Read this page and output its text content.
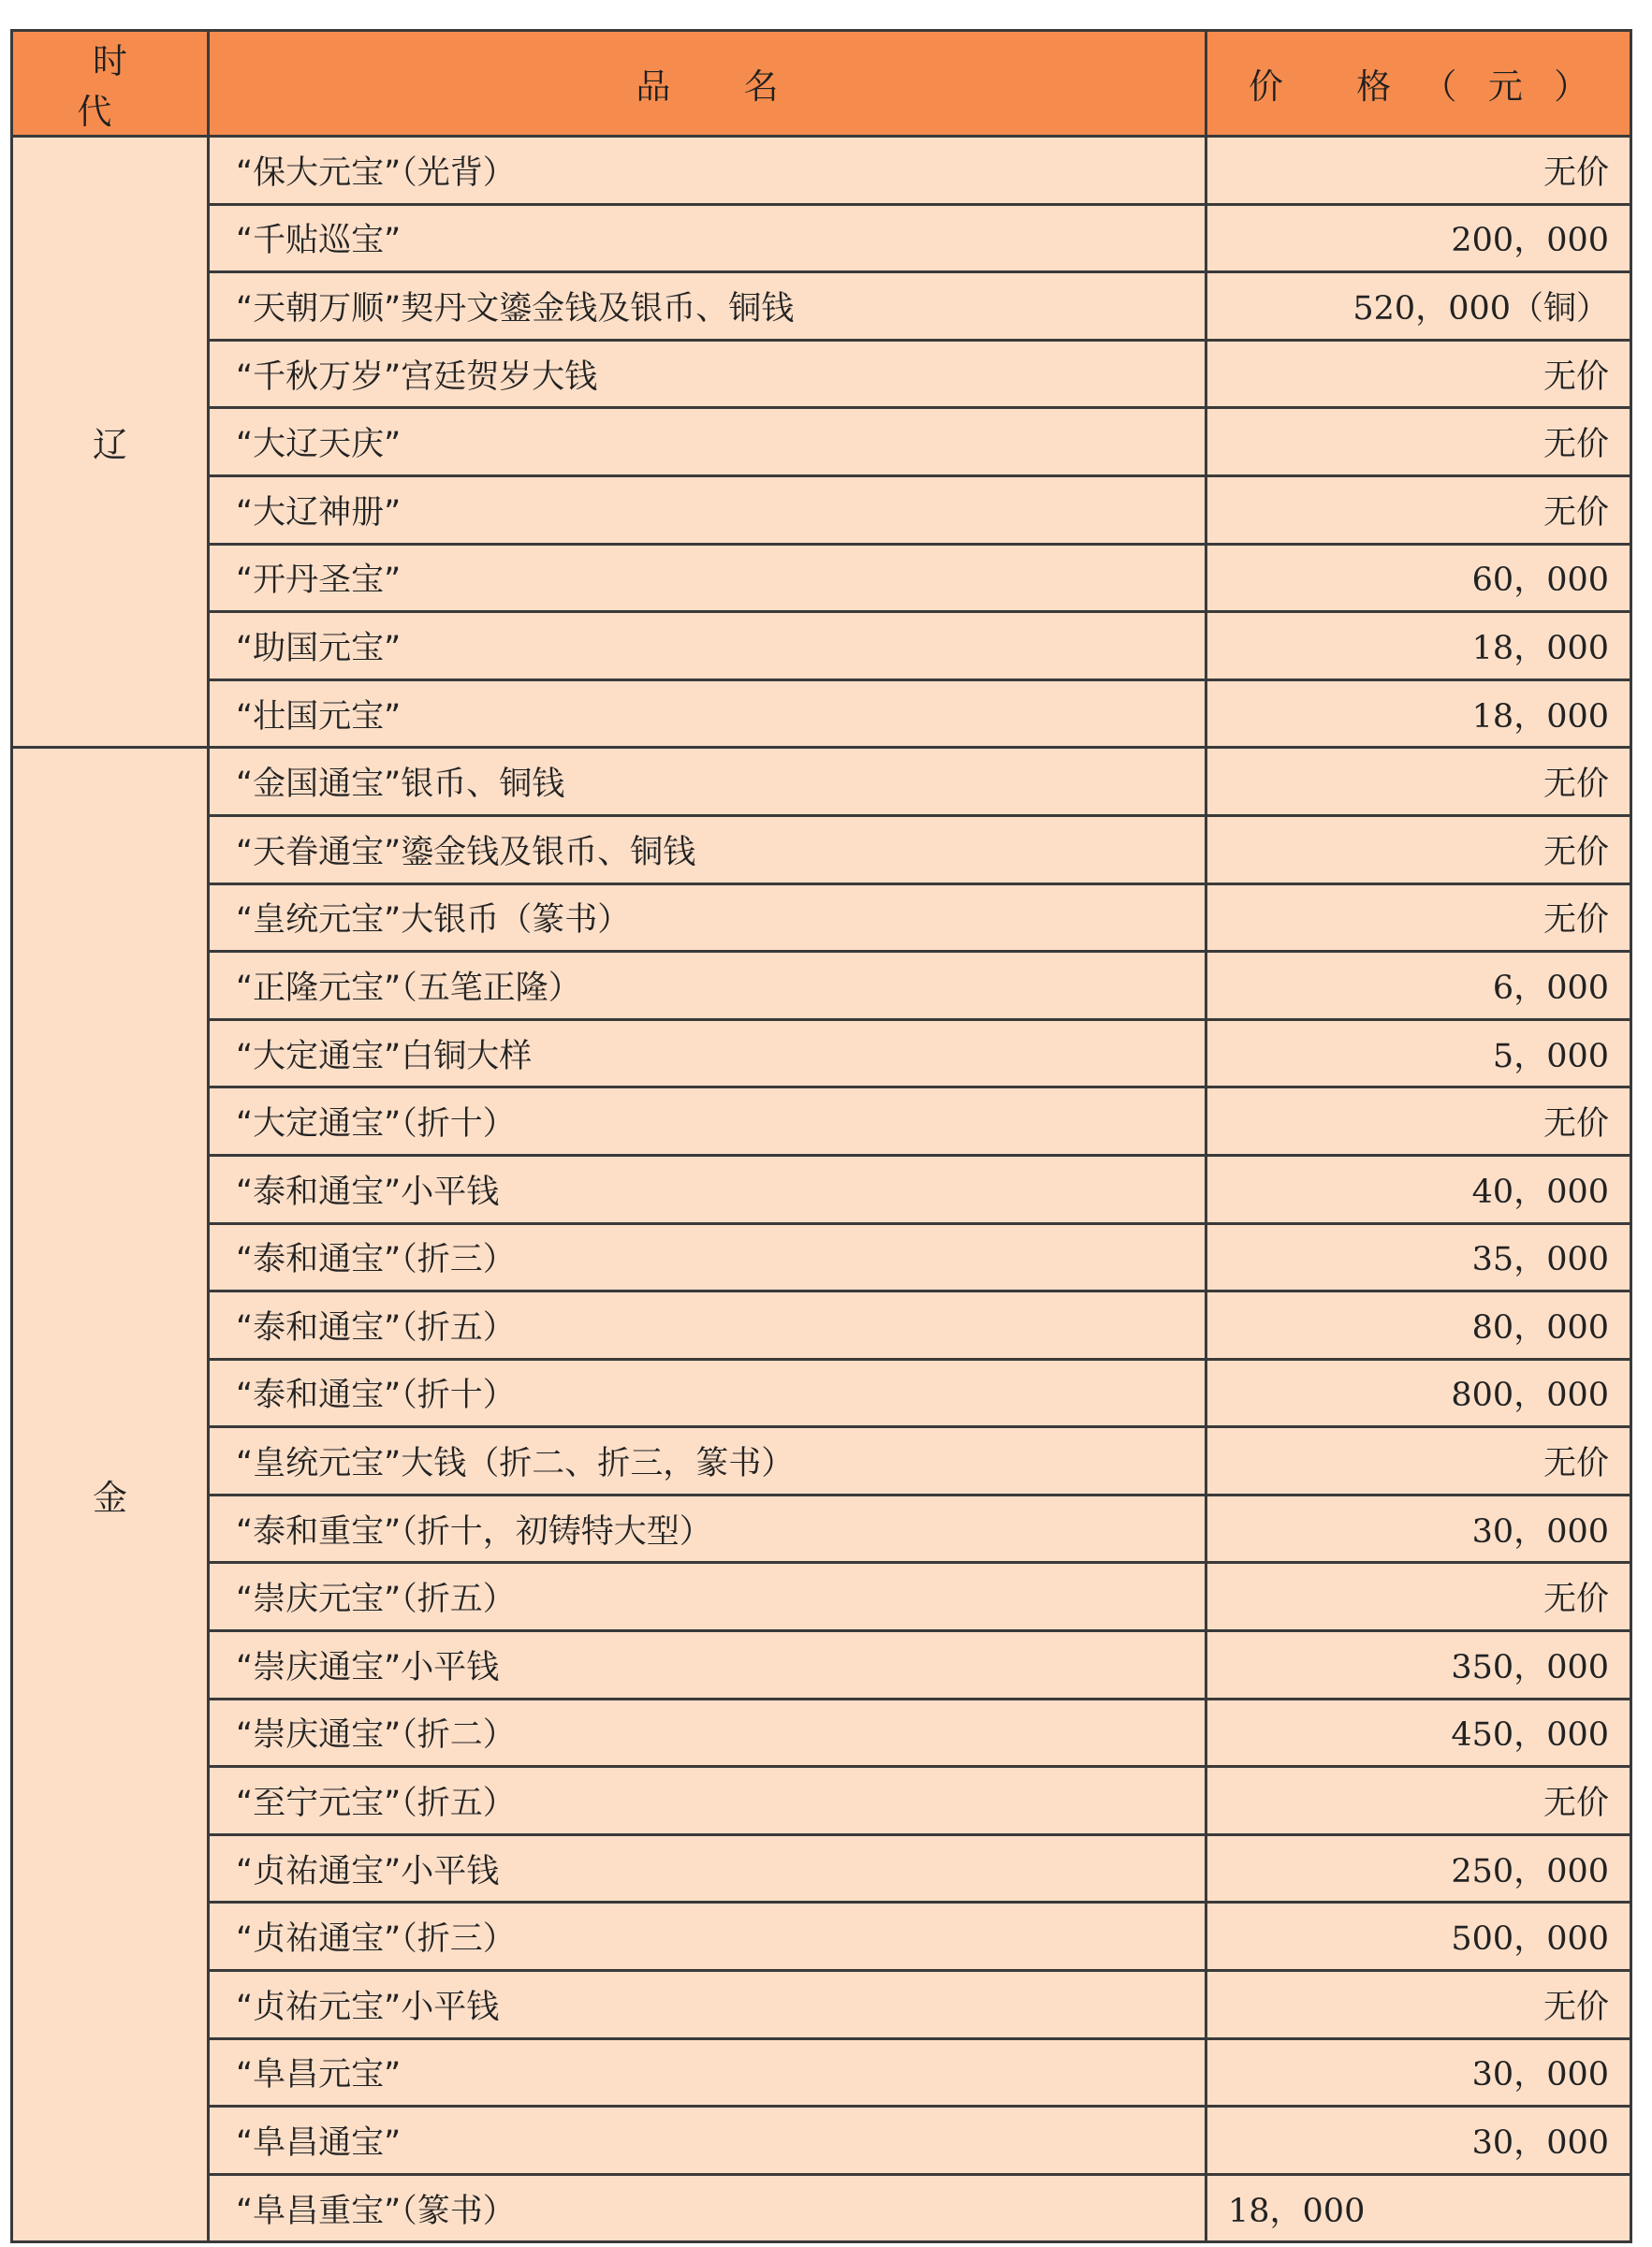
时 代	品 名	价 格（元）
辽	“保大元宝”（光背）	无价
	“千贴巡宝”	200，000
	“天朝万顺”契丹文鎏金钱及银币、铜钱	520，000（铜）
	“千秋万岁”宫廷贺岁大钱	无价
	“大辽天庆”	无价
	“大辽神册”	无价
	“开丹圣宝”	60，000
	“助国元宝”	18，000
	“壮国元宝”	18，000
金	“金国通宝”银币、铜钱	无价
	“天眷通宝”鎏金钱及银币、铜钱	无价
	“皇统元宝”大银币（篆书）	无价
	“正隆元宝”（五笔正隆）	6，000
	“大定通宝”白铜大样	5，000
	“大定通宝”（折十）	无价
	“泰和通宝”小平钱	40，000
	“泰和通宝”（折三）	35，000
	“泰和通宝”（折五）	80，000
	“泰和通宝”（折十）	800，000
	“皇统元宝”大钱（折二、折三，篆书）	无价
	“泰和重宝”（折十，初铸特大型）	30，000
	“崇庆元宝”（折五）	无价
	“崇庆通宝”小平钱	350，000
	“崇庆通宝”（折二）	450，000
	“至宁元宝”（折五）	无价
	“贞祐通宝”小平钱	250，000
	“贞祐通宝”（折三）	500，000
	“贞祐元宝”小平钱	无价
	“阜昌元宝”	30，000
	“阜昌通宝”	30，000
	“阜昌重宝”（篆书）	18，000
